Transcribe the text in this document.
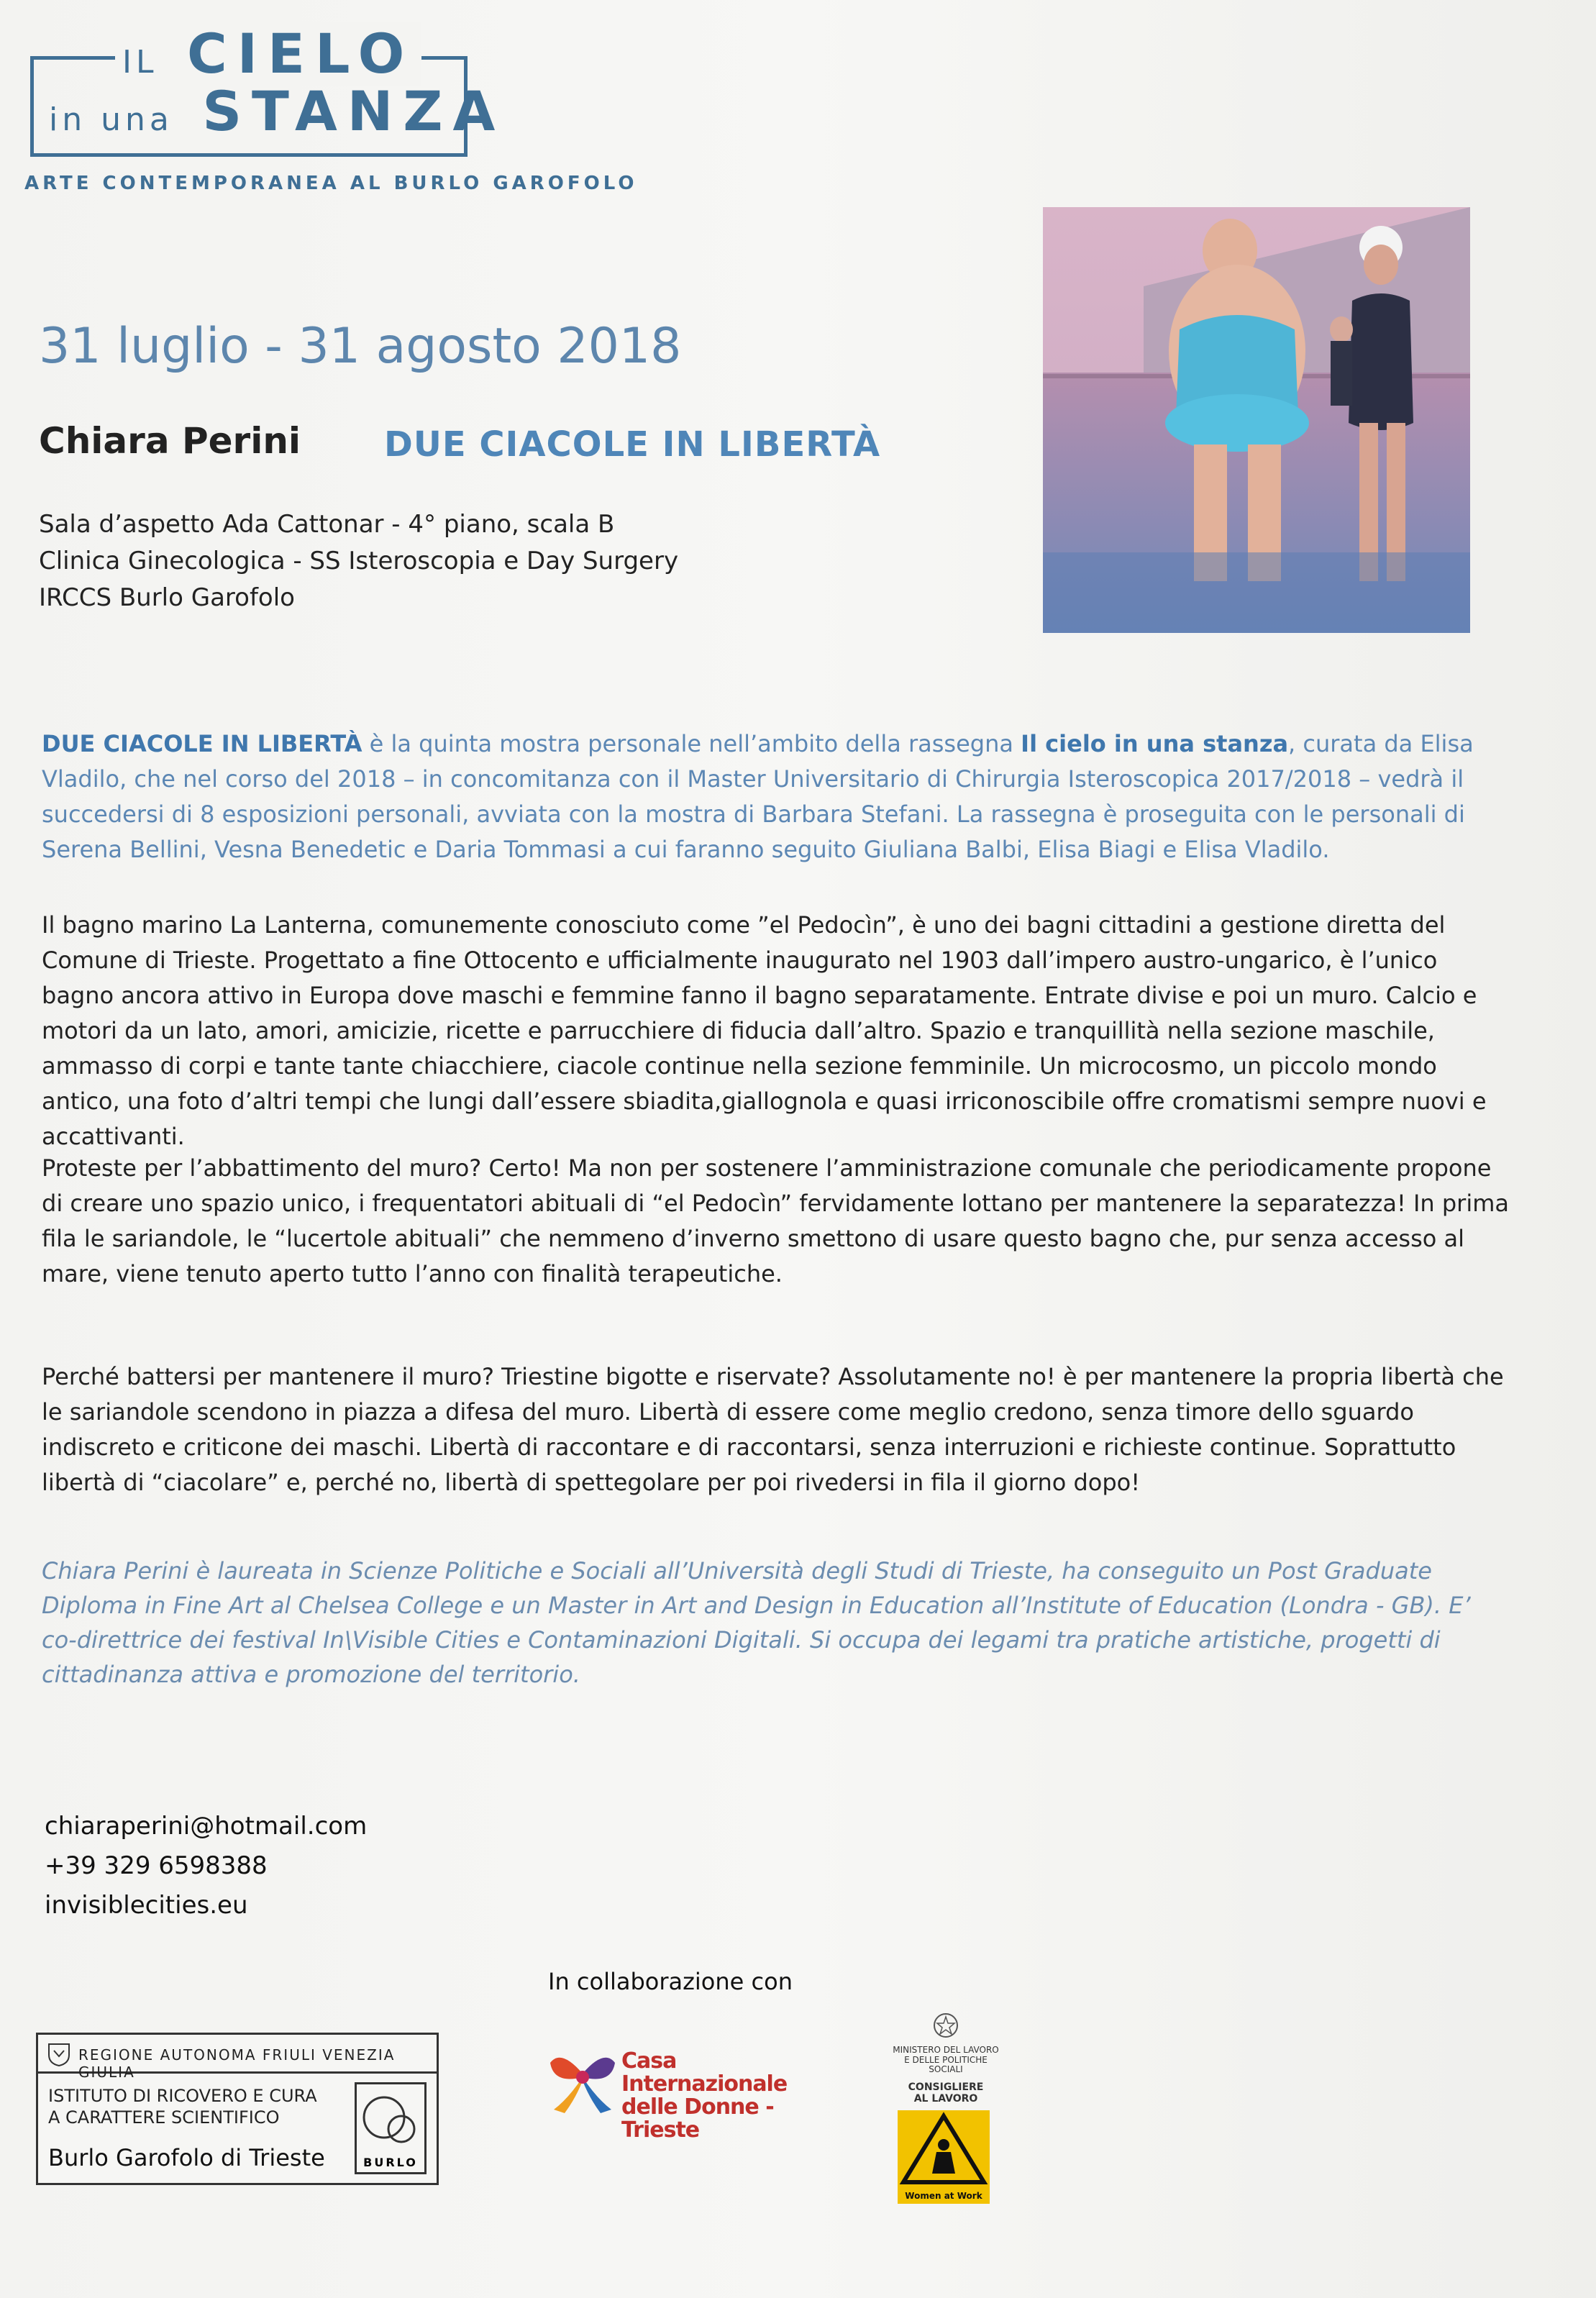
IL CIELO
in una STANZA
ARTE CONTEMPORANEA AL BURLO GAROFOLO
31 luglio - 31 agosto 2018
Chiara Perini DUE CIACOLE IN LIBERTÀ
Sala d’aspetto Ada Cattonar - 4° piano, scala B
Clinica Ginecologica - SS Isteroscopia e Day Surgery
IRCCS Burlo Garofolo
DUE CIACOLE IN LIBERTÀ è la quinta mostra personale nell’ambito della rassegna Il cielo in una stanza, curata da Elisa Vladilo, che nel corso del 2018 – in concomitanza con il Master Universitario di Chirurgia Isteroscopica 2017/2018 – vedrà il succedersi di 8 esposizioni personali, avviata con la mostra di Barbara Stefani. La rassegna è proseguita con le personali di Serena Bellini, Vesna Benedetic e Daria Tommasi a cui faranno seguito Giuliana Balbi, Elisa Biagi e Elisa Vladilo.
Il bagno marino La Lanterna, comunemente conosciuto come ”el Pedocìn”, è uno dei bagni cittadini a gestione diretta del Comune di Trieste. Progettato a fine Ottocento e ufficialmente inaugurato nel 1903 dall’impero austro-ungarico, è l’unico bagno ancora attivo in Europa dove maschi e femmine fanno il bagno separatamente. Entrate divise e poi un muro. Calcio e motori da un lato, amori, amicizie, ricette e parrucchiere di fiducia dall’altro. Spazio e tranquillità nella sezione maschile, ammasso di corpi e tante tante chiacchiere, ciacole continue nella sezione femminile. Un microcosmo, un piccolo mondo antico, una foto d’altri tempi che lungi dall’essere sbiadita,giallognola e quasi irriconoscibile offre cromatismi sempre nuovi e accattivanti.
Proteste per l’abbattimento del muro? Certo! Ma non per sostenere l’amministrazione comunale che periodicamente propone di creare uno spazio unico, i frequentatori abituali di “el Pedocìn” fervidamente lottano per mantenere la separatezza! In prima fila le sariandole, le “lucertole abituali” che nemmeno d’inverno smettono di usare questo bagno che, pur senza accesso al mare, viene tenuto aperto tutto l’anno con finalità terapeutiche.
Perché battersi per mantenere il muro? Triestine bigotte e riservate? Assolutamente no! è per mantenere la propria libertà che le sariandole scendono in piazza a difesa del muro. Libertà di essere come meglio credono, senza timore dello sguardo indiscreto e criticone dei maschi. Libertà di raccontare e di raccontarsi, senza interruzioni e richieste continue. Soprattutto libertà di “ciacolare” e, perché no, libertà di spettegolare per poi rivedersi in fila il giorno dopo!
Chiara Perini è laureata in Scienze Politiche e Sociali all’Università degli Studi di Trieste, ha conseguito un Post Graduate Diploma in Fine Art al Chelsea College e un Master in Art and Design in Education all’Institute of Education (Londra - GB). E’ co-direttrice dei festival In\Visible Cities e Contaminazioni Digitali. Si occupa dei legami tra pratiche artistiche, progetti di cittadinanza attiva e promozione del territorio.
chiaraperini@hotmail.com
+39 329 6598388
invisiblecities.eu
In collaborazione con
REGIONE AUTONOMA FRIULI VENEZIA GIULIA
ISTITUTO DI RICOVERO E CURA
A CARATTERE SCIENTIFICO
Burlo Garofolo di Trieste	BURLO
Casa Internazionale
delle Donne - Trieste
MINISTERO DEL LAVORO
E DELLE POLITICHE SOCIALI
CONSIGLIERE
AL LAVORO
Women at Work
